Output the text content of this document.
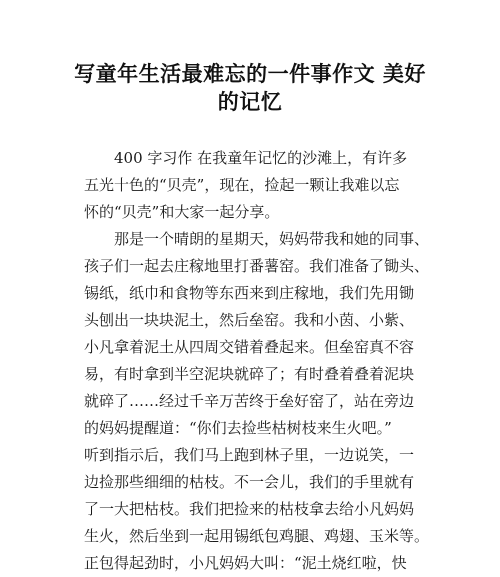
写童年生活最难忘的一件事作文 美好
的记忆
400 字习作 在我童年记忆的沙滩上，有许多
五光十色的“贝壳”，现在，捡起一颗让我难以忘
怀的“贝壳”和大家一起分享。
那是一个晴朗的星期天，妈妈带我和她的同事、
孩子们一起去庄稼地里打番薯窑。我们准备了锄头、
锡纸，纸巾和食物等东西来到庄稼地，我们先用锄
头刨出一块块泥土，然后垒窑。我和小茵、小紫、
小凡拿着泥土从四周交错着叠起来。但垒窑真不容
易，有时拿到半空泥块就碎了；有时叠着叠着泥块
就碎了……经过千辛万苦终于垒好窑了，站在旁边
的妈妈提醒道：“你们去捡些枯树枝来生火吧。”
听到指示后，我们马上跑到林子里，一边说笑，一
边捡那些细细的枯枝。不一会儿，我们的手里就有
了一大把枯枝。我们把捡来的枯枝拿去给小凡妈妈
生火，然后坐到一起用锡纸包鸡腿、鸡翅、玉米等。
正包得起劲时，小凡妈妈大叫：“泥土烧红啦，快
